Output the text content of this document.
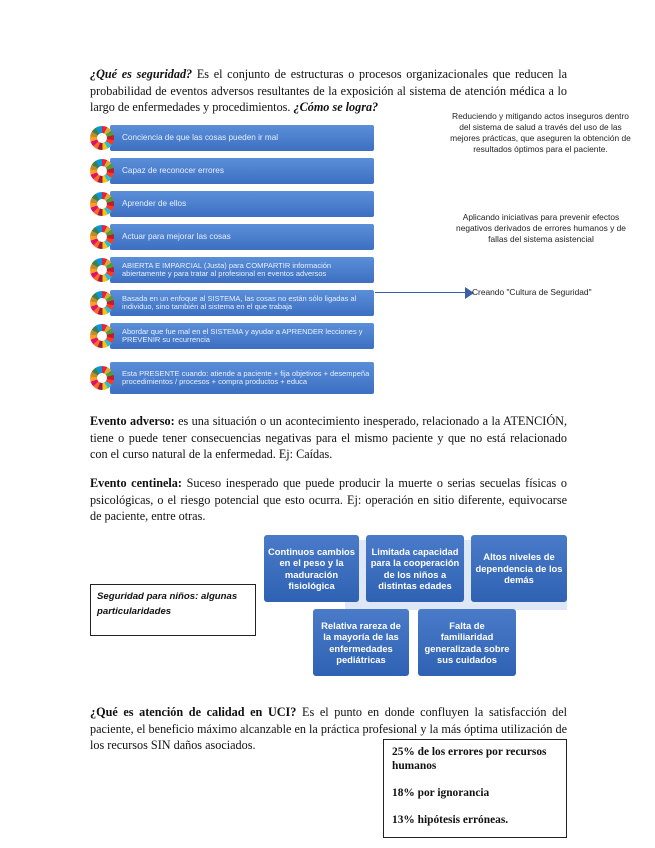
¿Qué es seguridad? Es el conjunto de estructuras o procesos organizacionales que reducen la probabilidad de eventos adversos resultantes de la exposición al sistema de atención médica a lo largo de enfermedades y procedimientos. ¿Cómo se logra?

Conciencia de que las cosas pueden ir mal
Capaz de reconocer errores
Aprender de ellos
Actuar para mejorar las cosas
ABIERTA E IMPARCIAL (Justa) para COMPARTIR información abiertamente y para tratar al profesional en eventos adversos
Basada en un enfoque al SISTEMA, las cosas no están sólo ligadas al individuo, sino también al sistema en el que trabaja
Abordar que fue mal en el SISTEMA y ayudar a APRENDER lecciones y PREVENIR su recurrencia
Esta PRESENTE cuando: atiende a paciente + fija objetivos + desempeña procedimientos / procesos + compra productos + educa
Reduciendo y mitigando actos inseguros dentro del sistema de salud a través del uso de las mejores prácticas, que aseguren la obtención de resultados óptimos para el paciente.
Aplicando iniciativas para prevenir efectos negativos derivados de errores humanos y de fallas del sistema asistencial
Creando "Cultura de Seguridad"

Evento adverso: es una situación o un acontecimiento inesperado, relacionado a la ATENCIÓN, tiene o puede tener consecuencias negativas para el mismo paciente y que no está relacionado con el curso natural de la enfermedad. Ej: Caídas.

Evento centinela: Suceso inesperado que puede producir la muerte o serias secuelas físicas o psicológicas, o el riesgo potencial que esto ocurra. Ej: operación en sitio diferente, equivocarse de paciente, entre otras.

Seguridad para niños: algunas particularidades
Continuos cambios en el peso y la maduración fisiológica
Limitada capacidad para la cooperación de los niños a distintas edades
Altos niveles de dependencia de los demás
Relativa rareza de la mayoría de las enfermedades pediátricas
Falta de familiaridad generalizada sobre sus cuidados

¿Qué es atención de calidad en UCI? Es el punto en donde confluyen la satisfacción del paciente, el beneficio máximo alcanzable en la práctica profesional y la más óptima utilización de los recursos SIN daños asociados.	25% de los errores por recursos humanos
18% por ignorancia
13% hipótesis erróneas.
